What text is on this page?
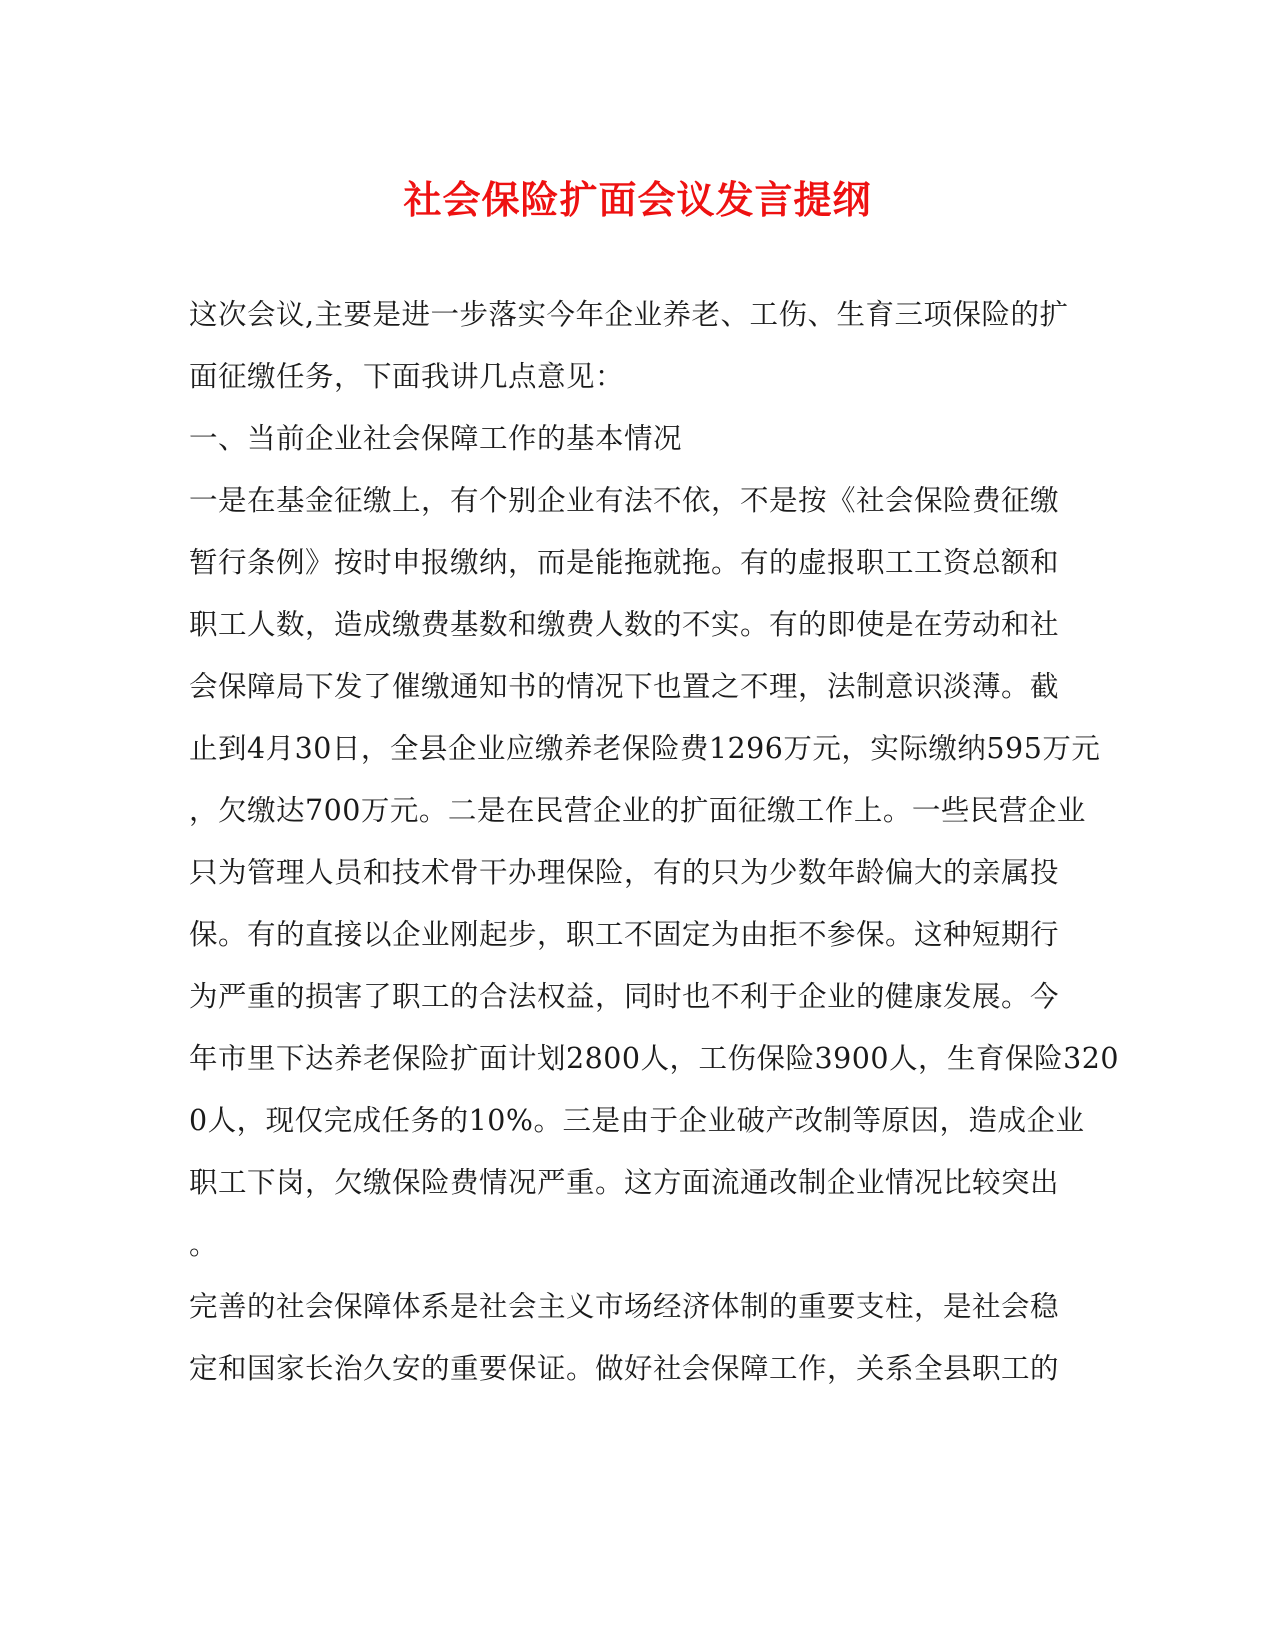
社会保险扩面会议发言提纲
这次会议,主要是进一步落实今年企业养老、工伤、生育三项保险的扩
面征缴任务，下面我讲几点意见：
一、当前企业社会保障工作的基本情况
一是在基金征缴上，有个别企业有法不依，不是按《社会保险费征缴
暂行条例》按时申报缴纳，而是能拖就拖。有的虚报职工工资总额和
职工人数，造成缴费基数和缴费人数的不实。有的即使是在劳动和社
会保障局下发了催缴通知书的情况下也置之不理，法制意识淡薄。截
止到4月30日，全县企业应缴养老保险费1296万元，实际缴纳595万元
，欠缴达700万元。二是在民营企业的扩面征缴工作上。一些民营企业
只为管理人员和技术骨干办理保险，有的只为少数年龄偏大的亲属投
保。有的直接以企业刚起步，职工不固定为由拒不参保。这种短期行
为严重的损害了职工的合法权益，同时也不利于企业的健康发展。今
年市里下达养老保险扩面计划2800人，工伤保险3900人，生育保险320
0人，现仅完成任务的10%。三是由于企业破产改制等原因，造成企业
职工下岗，欠缴保险费情况严重。这方面流通改制企业情况比较突出
。
完善的社会保障体系是社会主义市场经济体制的重要支柱，是社会稳
定和国家长治久安的重要保证。做好社会保障工作，关系全县职工的
